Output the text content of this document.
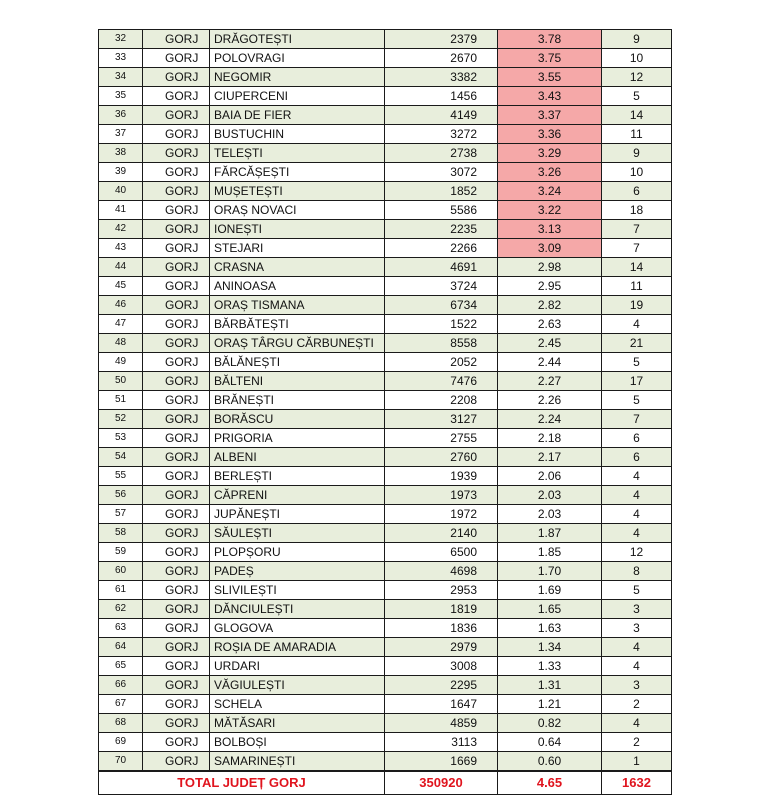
32	GORJ	DRĂGOTEȘTI	2379	3.78	9
33	GORJ	POLOVRAGI	2670	3.75	10
34	GORJ	NEGOMIR	3382	3.55	12
35	GORJ	CIUPERCENI	1456	3.43	5
36	GORJ	BAIA DE FIER	4149	3.37	14
37	GORJ	BUSTUCHIN	3272	3.36	11
38	GORJ	TELEȘTI	2738	3.29	9
39	GORJ	FĂRCĂȘEȘTI	3072	3.26	10
40	GORJ	MUȘETEȘTI	1852	3.24	6
41	GORJ	ORAȘ NOVACI	5586	3.22	18
42	GORJ	IONEȘTI	2235	3.13	7
43	GORJ	STEJARI	2266	3.09	7
44	GORJ	CRASNA	4691	2.98	14
45	GORJ	ANINOASA	3724	2.95	11
46	GORJ	ORAȘ TISMANA	6734	2.82	19
47	GORJ	BĂRBĂTEȘTI	1522	2.63	4
48	GORJ	ORAȘ TÂRGU CĂRBUNEȘTI	8558	2.45	21
49	GORJ	BĂLĂNEȘTI	2052	2.44	5
50	GORJ	BĂLTENI	7476	2.27	17
51	GORJ	BRĂNEȘTI	2208	2.26	5
52	GORJ	BORĂSCU	3127	2.24	7
53	GORJ	PRIGORIA	2755	2.18	6
54	GORJ	ALBENI	2760	2.17	6
55	GORJ	BERLEȘTI	1939	2.06	4
56	GORJ	CĂPRENI	1973	2.03	4
57	GORJ	JUPĂNEȘTI	1972	2.03	4
58	GORJ	SĂULEȘTI	2140	1.87	4
59	GORJ	PLOPȘORU	6500	1.85	12
60	GORJ	PADEȘ	4698	1.70	8
61	GORJ	SLIVILEȘTI	2953	1.69	5
62	GORJ	DĂNCIULEȘTI	1819	1.65	3
63	GORJ	GLOGOVA	1836	1.63	3
64	GORJ	ROȘIA DE AMARADIA	2979	1.34	4
65	GORJ	URDARI	3008	1.33	4
66	GORJ	VĂGIULEȘTI	2295	1.31	3
67	GORJ	SCHELA	1647	1.21	2
68	GORJ	MĂTĂSARI	4859	0.82	4
69	GORJ	BOLBOȘI	3113	0.64	2
70	GORJ	SAMARINEȘTI	1669	0.60	1
TOTAL JUDEȚ GORJ			350920	4.65	1632
